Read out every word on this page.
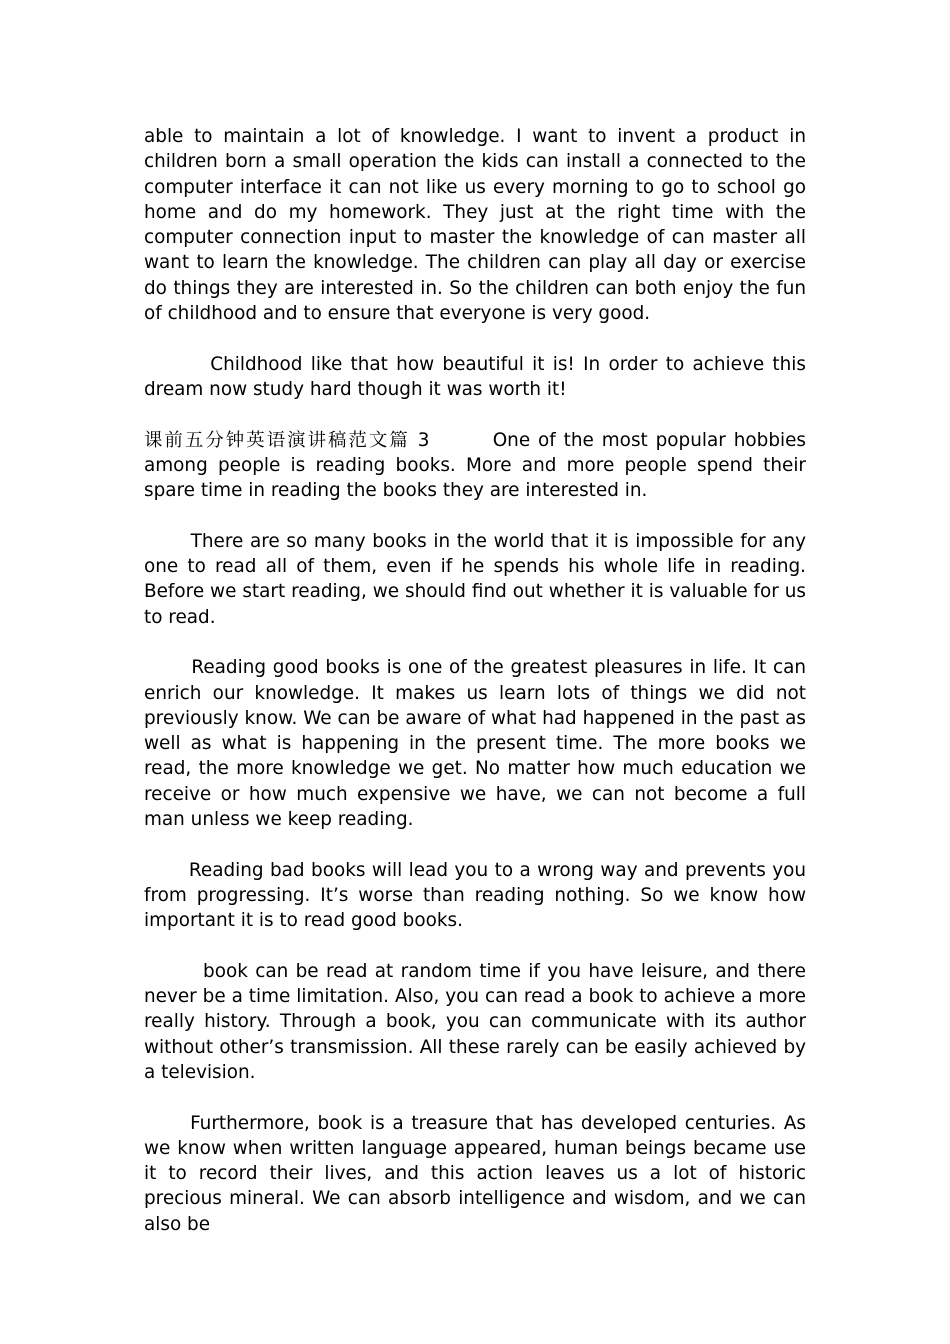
able to maintain a lot of knowledge. I want to invent a product in children born a small operation the kids can install a connected to the computer interface it can not like us every morning to go to school go home and do my homework. They just at the right time with the computer connection input to master the knowledge of can master all want to learn the knowledge. The children can play all day or exercise do things they are interested in. So the children can both enjoy the fun of childhood and to ensure that everyone is very good.

Childhood like that how beautiful it is! In order to achieve this dream now study hard though it was worth it!

课前五分钟英语演讲稿范文篇 3        One of the most popular hobbies among people is reading books. More and more people spend their spare time in reading the books they are interested in.

There are so many books in the world that it is impossible for any one to read all of them, even if he spends his whole life in reading. Before we start reading, we should find out whether it is valuable for us to read.

Reading good books is one of the greatest pleasures in life. It can enrich our knowledge. It makes us learn lots of things we did not previously know. We can be aware of what had happened in the past as well as what is happening in the present time. The more books we read, the more knowledge we get. No matter how much education we receive or how much expensive we have, we can not become a full man unless we keep reading.

Reading bad books will lead you to a wrong way and prevents you from progressing. It’s worse than reading nothing. So we know how important it is to read good books.

book can be read at random time if you have leisure, and there never be a time limitation. Also, you can read a book to achieve a more really history. Through a book, you can communicate with its author without other’s transmission. All these rarely can be easily achieved by a television.

Furthermore, book is a treasure that has developed centuries. As we know when written language appeared, human beings became use it to record their lives, and this action leaves us a lot of historic precious mineral. We can absorb intelligence and wisdom, and we can also be
